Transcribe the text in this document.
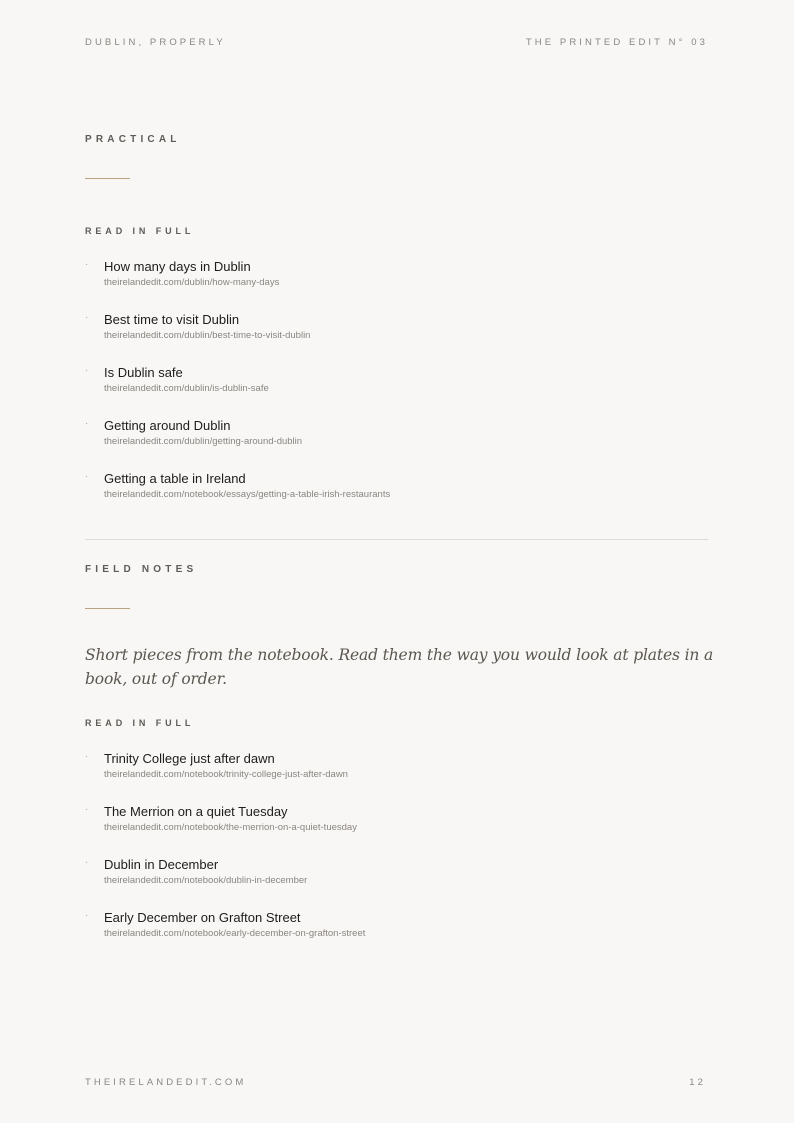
DUBLIN, PROPERLY	THE PRINTED EDIT N° 03
PRACTICAL
READ IN FULL
· How many days in Dublin
theirelandedit.com/dublin/how-many-days
· Best time to visit Dublin
theirelandedit.com/dublin/best-time-to-visit-dublin
· Is Dublin safe
theirelandedit.com/dublin/is-dublin-safe
· Getting around Dublin
theirelandedit.com/dublin/getting-around-dublin
· Getting a table in Ireland
theirelandedit.com/notebook/essays/getting-a-table-irish-restaurants
FIELD NOTES

Short pieces from the notebook. Read them the way you would look at plates in a book, out of order.

READ IN FULL
· Trinity College just after dawn
theirelandedit.com/notebook/trinity-college-just-after-dawn
· The Merrion on a quiet Tuesday
theirelandedit.com/notebook/the-merrion-on-a-quiet-tuesday
· Dublin in December
theirelandedit.com/notebook/dublin-in-december
· Early December on Grafton Street
theirelandedit.com/notebook/early-december-on-grafton-street
THEIRELANDEDIT.COM	12
